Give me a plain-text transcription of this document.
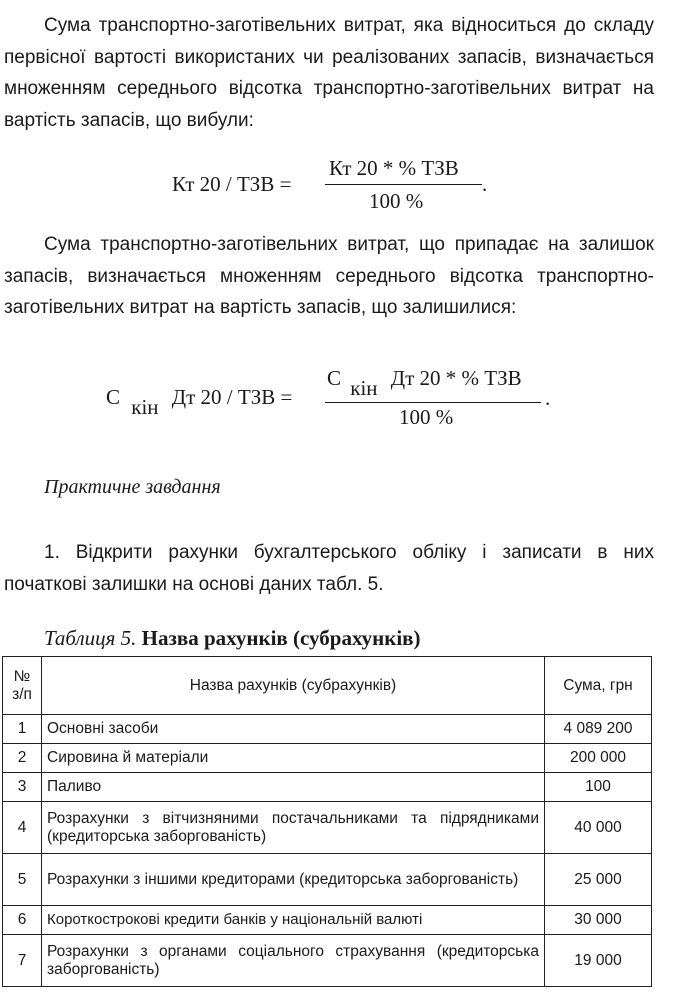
Сума транспортно-заготівельних витрат, яка відноситься до складу первісної вартості використаних чи реалізованих запасів, визначається множенням середнього відсотка транспортно-заготівельних витрат на вартість запасів, що вибули:

Кт 20 / ТЗВ =
Кт 20 * % ТЗВ
100 %
.

Сума транспортно-заготівельних витрат, що припадає на залишок запасів, визначається множенням середнього відсотка транспортно-заготівельних витрат на вартість запасів, що залишилися:

С кін Дт 20 / ТЗВ =
С кін Дт 20 * % ТЗВ
100 %
.
Практичне завдання

1. Відкрити рахунки бухгалтерського обліку і записати в них початкові залишки на основі даних табл. 5.

Таблиця 5. Назва рахунків (субрахунків)
№
з/п	Назва рахунків (субрахунків)	Сума, грн
1	Основні засоби	4 089 200
2	Сировина й матеріали	200 000
3	Паливо	100
4	Розрахунки з вітчизняними постачальниками та підрядниками (кредиторська заборгованість)	40 000
5	Розрахунки з іншими кредиторами (кредиторська заборгованість)	25 000
6	Короткострокові кредити банків у національній валюті	30 000
7	Розрахунки з органами соціального страхування (кредиторська заборгованість)	19 000
